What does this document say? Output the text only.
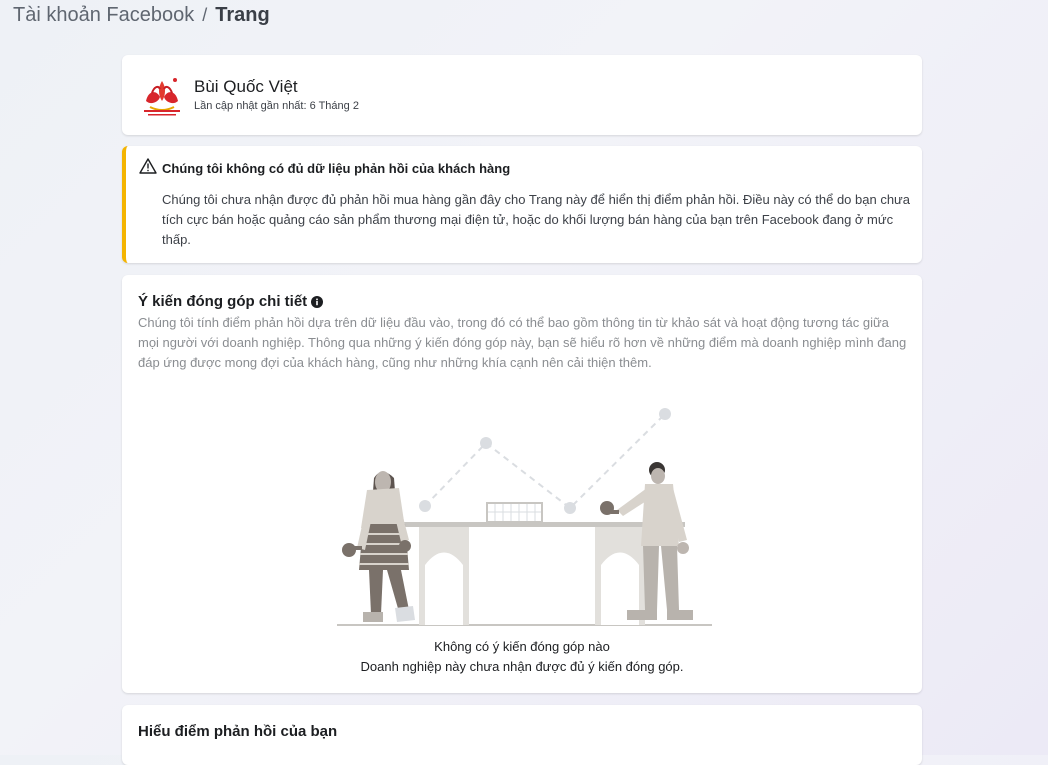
Tài khoản Facebook / Trang
Bùi Quốc Việt
Lần cập nhật gần nhất: 6 Tháng 2
Chúng tôi không có đủ dữ liệu phản hồi của khách hàng
Chúng tôi chưa nhận được đủ phản hồi mua hàng gần đây cho Trang này để hiển thị điểm phản hồi. Điều này có thể do bạn chưa tích cực bán hoặc quảng cáo sản phẩm thương mại điện tử, hoặc do khối lượng bán hàng của bạn trên Facebook đang ở mức thấp.
Ý kiến đóng góp chi tiết
Chúng tôi tính điểm phản hồi dựa trên dữ liệu đầu vào, trong đó có thể bao gồm thông tin từ khảo sát và hoạt động tương tác giữa mọi người với doanh nghiệp. Thông qua những ý kiến đóng góp này, bạn sẽ hiểu rõ hơn về những điểm mà doanh nghiệp mình đang đáp ứng được mong đợi của khách hàng, cũng như những khía cạnh nên cải thiện thêm.
Không có ý kiến đóng góp nào
Doanh nghiệp này chưa nhận được đủ ý kiến đóng góp.
Hiểu điểm phản hồi của bạn
